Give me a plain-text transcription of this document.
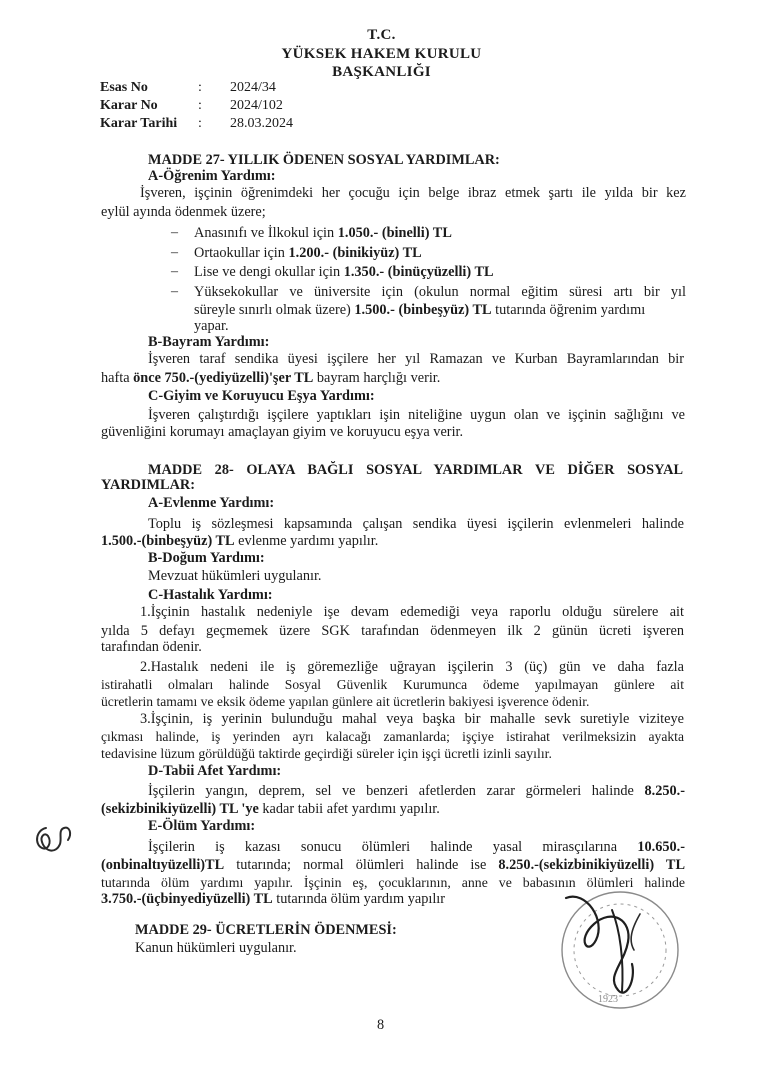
T.C.
YÜKSEK HAKEM KURULU
BAŞKANLIĞI
Esas No	: 2024/34
Karar No	: 2024/102
Karar Tarihi : 28.03.2024
MADDE 27- YILLIK ÖDENEN SOSYAL YARDIMLAR:
A-Öğrenim Yardımı:
İşveren, işçinin öğrenimdeki her çocuğu için belge ibraz etmek şartı ile yılda bir kez
eylül ayında ödenmek üzere;
– Anasınıfı ve İlkokul için 1.050.- (binelli) TL
– Ortaokullar için 1.200.- (binikiyüz) TL
– Lise ve dengi okullar için 1.350.- (binüçyüzelli) TL
– Yüksekokullar ve üniversite için (okulun normal eğitim süresi artı bir yıl
süreyle sınırlı olmak üzere) 1.500.- (binbeşyüz) TL tutarında öğrenim yardımı
yapar.
B-Bayram Yardımı:
İşveren taraf sendika üyesi işçilere her yıl Ramazan ve Kurban Bayramlarından bir
hafta önce 750.-(yediyüzelli)'şer TL bayram harçlığı verir.
C-Giyim ve Koruyucu Eşya Yardımı:
İşveren çalıştırdığı işçilere yaptıkları işin niteliğine uygun olan ve işçinin sağlığını ve
güvenliğini korumayı amaçlayan giyim ve koruyucu eşya verir.
MADDE 28- OLAYA BAĞLI SOSYAL YARDIMLAR VE DİĞER SOSYAL
YARDIMLAR:
A-Evlenme Yardımı:
Toplu iş sözleşmesi kapsamında çalışan sendika üyesi işçilerin evlenmeleri halinde
1.500.-(binbeşyüz) TL evlenme yardımı yapılır.
B-Doğum Yardımı:
Mevzuat hükümleri uygulanır.
C-Hastalık Yardımı:
1.İşçinin hastalık nedeniyle işe devam edemediği veya raporlu olduğu sürelere ait
yılda 5 defayı geçmemek üzere SGK tarafından ödenmeyen ilk 2 günün ücreti işveren
tarafından ödenir.
2.Hastalık nedeni ile iş göremezliğe uğrayan işçilerin 3 (üç) gün ve daha fazla
istirahatli olmaları halinde Sosyal Güvenlik Kurumunca ödeme yapılmayan günlere ait
ücretlerin tamamı ve eksik ödeme yapılan günlere ait ücretlerin bakiyesi işverence ödenir.
3.İşçinin, iş yerinin bulunduğu mahal veya başka bir mahalle sevk suretiyle viziteye
çıkması halinde, iş yerinden ayrı kalacağı zamanlarda; işçiye istirahat verilmeksizin ayakta
tedavisine lüzum görüldüğü taktirde geçirdiği süreler için işçi ücretli izinli sayılır.
D-Tabii Afet Yardımı:
İşçilerin yangın, deprem, sel ve benzeri afetlerden zarar görmeleri halinde 8.250.-
(sekizbinikiyüzelli) TL 'ye kadar tabii afet yardımı yapılır.
E-Ölüm Yardımı:
İşçilerin iş kazası sonucu ölümleri halinde yasal mirasçılarına 10.650.-
(onbinaltıyüzelli)TL tutarında; normal ölümleri halinde ise 8.250.-(sekizbinikiyüzelli) TL
tutarında ölüm yardımı yapılır. İşçinin eş, çocuklarının, anne ve babasının ölümleri halinde
3.750.-(üçbinyediyüzelli) TL tutarında ölüm yardım yapılır
MADDE 29- ÜCRETLERİN ÖDENMESİ:
Kanun hükümleri uygulanır.
8
1923
